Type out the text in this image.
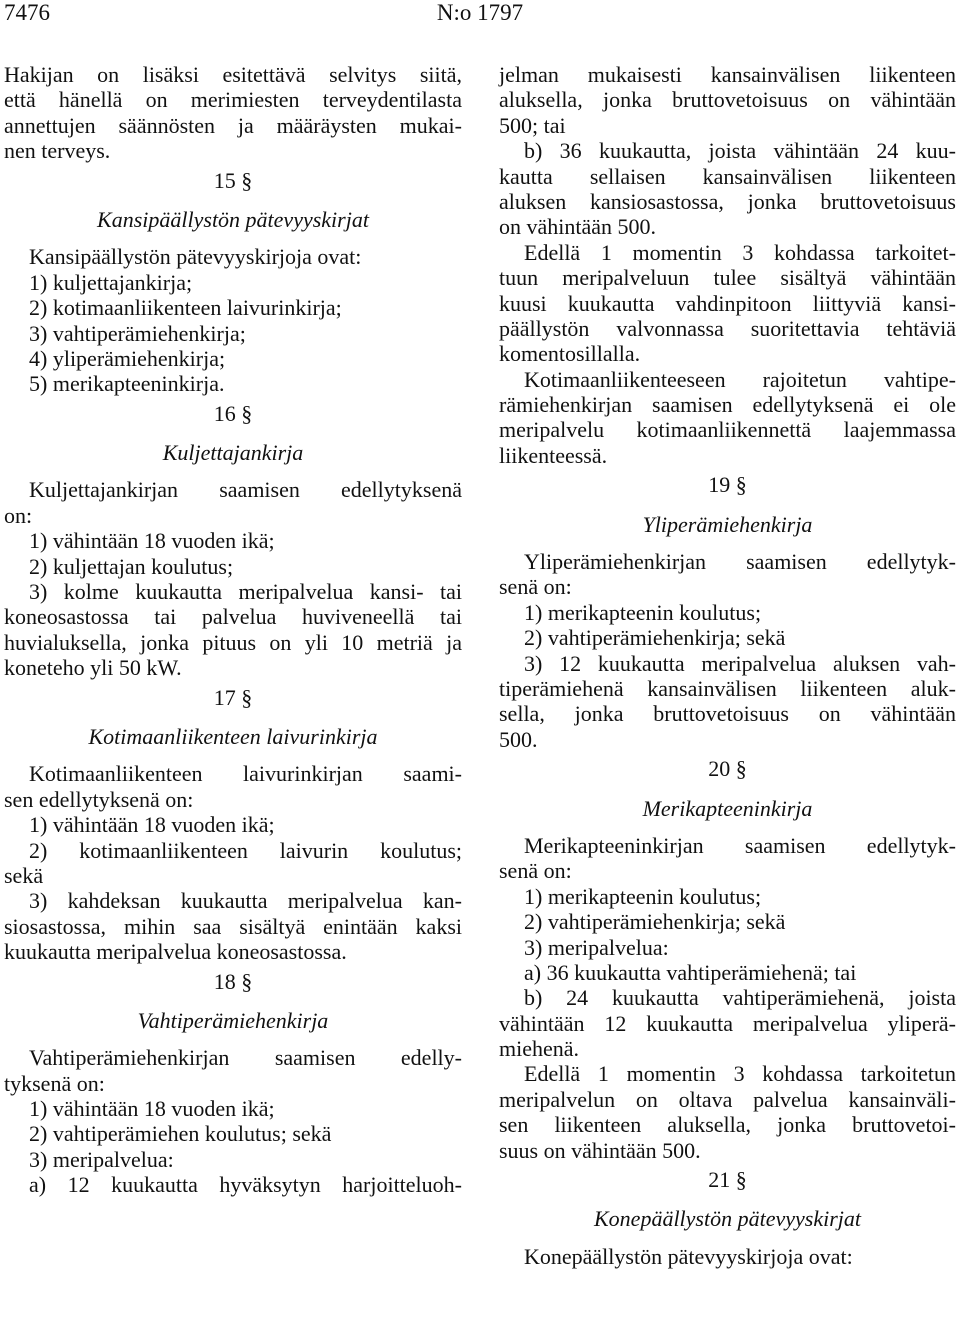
7476	N:o 1797
Hakijan on lisäksi esitettävä selvitys siitä,
että hänellä on merimiesten terveydentilasta
annettujen säännösten ja määräysten mukai-
nen terveys.
15 §
Kansipäällystön pätevyyskirjat
Kansipäällystön pätevyyskirjoja ovat:
1) kuljettajankirja;
2) kotimaanliikenteen laivurinkirja;
3) vahtiperämiehenkirja;
4) yliperämiehenkirja;
5) merikapteeninkirja.
16 §
Kuljettajankirja
Kuljettajankirjan saamisen edellytyksenä
on:
1) vähintään 18 vuoden ikä;
2) kuljettajan koulutus;
3) kolme kuukautta meripalvelua kansi- tai
koneosastossa tai palvelua huviveneellä tai
huvialuksella, jonka pituus on yli 10 metriä ja
koneteho yli 50 kW.
17 §
Kotimaanliikenteen laivurinkirja
Kotimaanliikenteen laivurinkirjan saami-
sen edellytyksenä on:
1) vähintään 18 vuoden ikä;
2) kotimaanliikenteen laivurin koulutus;
sekä
3) kahdeksan kuukautta meripalvelua kan-
siosastossa, mihin saa sisältyä enintään kaksi
kuukautta meripalvelua koneosastossa.
18 §
Vahtiperämiehenkirja
Vahtiperämiehenkirjan saamisen edelly-
tyksenä on:
1) vähintään 18 vuoden ikä;
2) vahtiperämiehen koulutus; sekä
3) meripalvelua:
a) 12 kuukautta hyväksytyn harjoitteluoh-
jelman mukaisesti kansainvälisen liikenteen
aluksella, jonka bruttovetoisuus on vähintään
500; tai
b) 36 kuukautta, joista vähintään 24 kuu-
kautta sellaisen kansainvälisen liikenteen
aluksen kansiosastossa, jonka bruttovetoisuus
on vähintään 500.
Edellä 1 momentin 3 kohdassa tarkoitet-
tuun meripalveluun tulee sisältyä vähintään
kuusi kuukautta vahdinpitoon liittyviä kansi-
päällystön valvonnassa suoritettavia tehtäviä
komentosillalla.
Kotimaanliikenteeseen rajoitetun vahtipe-
rämiehenkirjan saamisen edellytyksenä ei ole
meripalvelu kotimaanliikennettä laajemmassa
liikenteessä.
19 §
Yliperämiehenkirja
Yliperämiehenkirjan saamisen edellytyk-
senä on:
1) merikapteenin koulutus;
2) vahtiperämiehenkirja; sekä
3) 12 kuukautta meripalvelua aluksen vah-
tiperämiehenä kansainvälisen liikenteen aluk-
sella, jonka bruttovetoisuus on vähintään
500.
20 §
Merikapteeninkirja
Merikapteeninkirjan saamisen edellytyk-
senä on:
1) merikapteenin koulutus;
2) vahtiperämiehenkirja; sekä
3) meripalvelua:
a) 36 kuukautta vahtiperämiehenä; tai
b) 24 kuukautta vahtiperämiehenä, joista
vähintään 12 kuukautta meripalvelua yliperä-
miehenä.
Edellä 1 momentin 3 kohdassa tarkoitetun
meripalvelun on oltava palvelua kansainväli-
sen liikenteen aluksella, jonka bruttovetoi-
suus on vähintään 500.
21 §
Konepäällystön pätevyyskirjat
Konepäällystön pätevyyskirjoja ovat:
